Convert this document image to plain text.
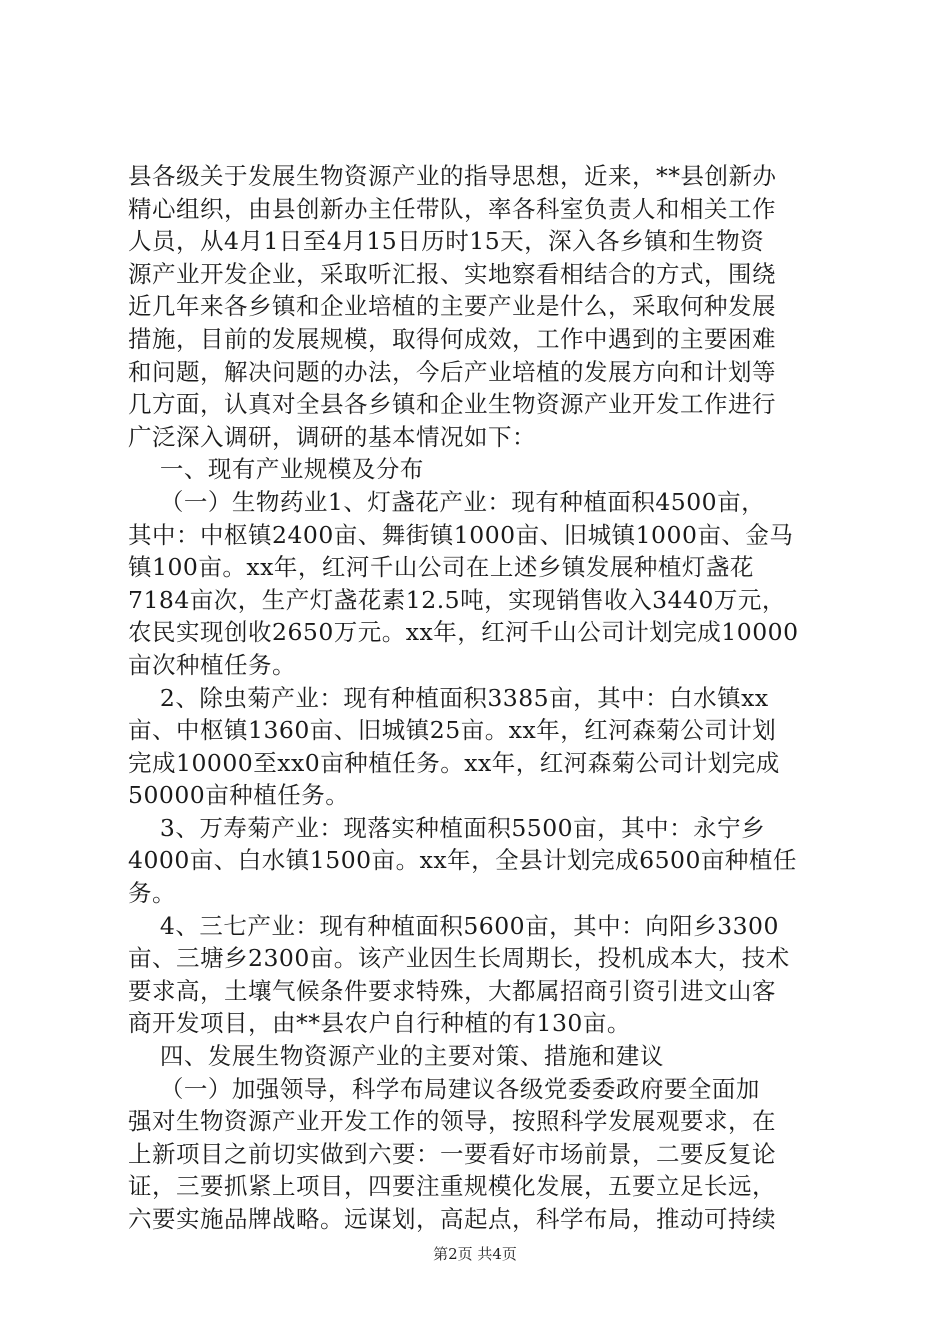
县各级关于发展生物资源产业的指导思想，近来，**县创新办
精心组织，由县创新办主任带队，率各科室负责人和相关工作
人员，从4月1日至4月15日历时15天，深入各乡镇和生物资
源产业开发企业，采取听汇报、实地察看相结合的方式，围绕
近几年来各乡镇和企业培植的主要产业是什么，采取何种发展
措施，目前的发展规模，取得何成效，工作中遇到的主要困难
和问题，解决问题的办法，今后产业培植的发展方向和计划等
几方面，认真对全县各乡镇和企业生物资源产业开发工作进行
广泛深入调研，调研的基本情况如下：
一、现有产业规模及分布
（一）生物药业1、灯盏花产业：现有种植面积4500亩，
其中：中枢镇2400亩、舞街镇1000亩、旧城镇1000亩、金马
镇100亩。xx年，红河千山公司在上述乡镇发展种植灯盏花
7184亩次，生产灯盏花素12.5吨，实现销售收入3440万元，
农民实现创收2650万元。xx年，红河千山公司计划完成10000
亩次种植任务。
2、除虫菊产业：现有种植面积3385亩，其中：白水镇xx
亩、中枢镇1360亩、旧城镇25亩。xx年，红河森菊公司计划
完成10000至xx0亩种植任务。xx年，红河森菊公司计划完成
50000亩种植任务。
3、万寿菊产业：现落实种植面积5500亩，其中：永宁乡
4000亩、白水镇1500亩。xx年，全县计划完成6500亩种植任
务。
4、三七产业：现有种植面积5600亩，其中：向阳乡3300
亩、三塘乡2300亩。该产业因生长周期长，投机成本大，技术
要求高，土壤气候条件要求特殊，大都属招商引资引进文山客
商开发项目，由**县农户自行种植的有130亩。
四、发展生物资源产业的主要对策、措施和建议
（一）加强领导，科学布局建议各级党委委政府要全面加
强对生物资源产业开发工作的领导，按照科学发展观要求，在
上新项目之前切实做到六要：一要看好市场前景，二要反复论
证，三要抓紧上项目，四要注重规模化发展，五要立足长远，
六要实施品牌战略。远谋划，高起点，科学布局，推动可持续
第2页 共4页
